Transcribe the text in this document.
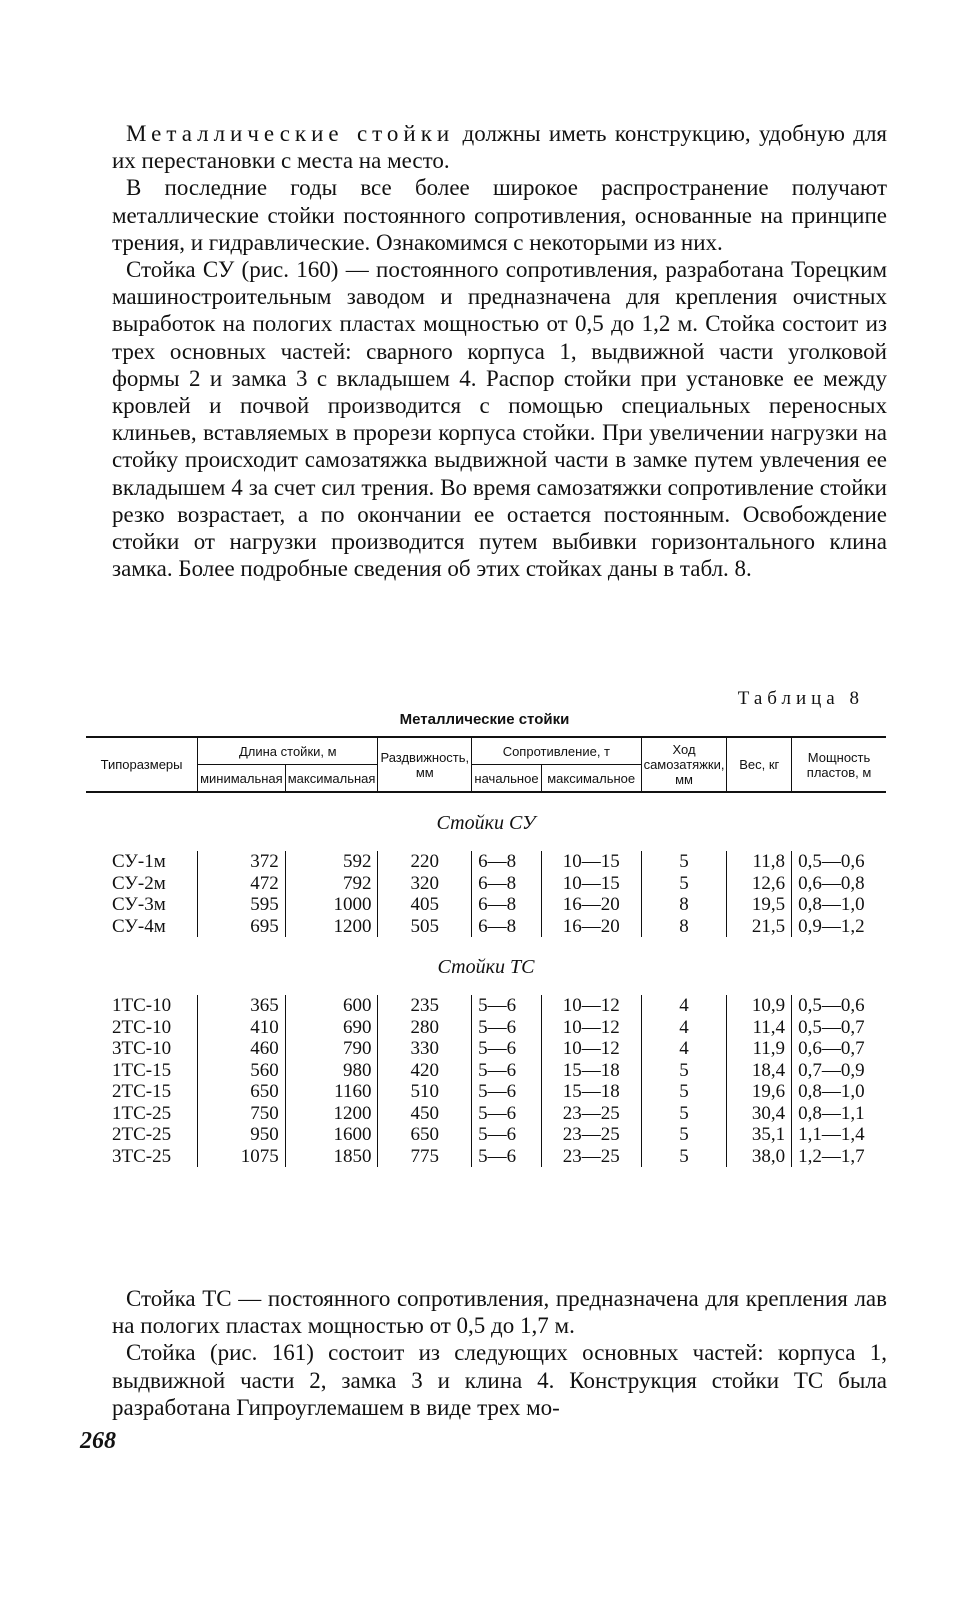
Металлические стойки должны иметь конструкцию, удобную для их перестановки с места на место.

В последние годы все более широкое распространение получают металлические стойки постоянного сопротивления, основанные на принципе трения, и гидравлические. Ознакомимся с некоторыми из них.

Стойка СУ (рис. 160) — постоянного сопротивления, разработана Торецким машиностроительным заводом и предназначена для крепления очистных выработок на пологих пластах мощностью от 0,5 до 1,2 м. Стойка состоит из трех основных частей: сварного корпуса 1, выдвижной части уголковой формы 2 и замка 3 с вкладышем 4. Распор стойки при установке ее между кровлей и почвой производится с помощью специальных переносных клиньев, вставляемых в прорези корпуса стойки. При увеличении нагрузки на стойку происходит самозатяжка выдвижной части в замке путем увлечения ее вкладышем 4 за счет сил трения. Во время самозатяжки сопротивление стойки резко возрастает, а по окончании ее остается постоянным. Освобождение стойки от нагрузки производится путем выбивки горизонтального клина замка. Более подробные сведения об этих стойках даны в табл. 8.

Таблица 8
Металлические стойки
Типоразмеры	Длина стойки, м		Раздвижность, мм	Сопротивление, т		Ход самозатяжки, мм	Вес, кг	Мощность пластов, м
	минимальная	максимальная		начальное	максимальное			
Стойки СУ								
СУ-1м	372	592	220	6—8	10—15	5	11,8	0,5—0,6
СУ-2м	472	792	320	6—8	10—15	5	12,6	0,6—0,8
СУ-3м	595	1000	405	6—8	16—20	8	19,5	0,8—1,0
СУ-4м	695	1200	505	6—8	16—20	8	21,5	0,9—1,2
Стойки ТС								
1ТС-10	365	600	235	5—6	10—12	4	10,9	0,5—0,6
2ТС-10	410	690	280	5—6	10—12	4	11,4	0,5—0,7
3ТС-10	460	790	330	5—6	10—12	4	11,9	0,6—0,7
1ТС-15	560	980	420	5—6	15—18	5	18,4	0,7—0,9
2ТС-15	650	1160	510	5—6	15—18	5	19,6	0,8—1,0
1ТС-25	750	1200	450	5—6	23—25	5	30,4	0,8—1,1
2ТС-25	950	1600	650	5—6	23—25	5	35,1	1,1—1,4
3ТС-25	1075	1850	775	5—6	23—25	5	38,0	1,2—1,7

Стойка ТС — постоянного сопротивления, предназначена для крепления лав на пологих пластах мощностью от 0,5 до 1,7 м.

Стойка (рис. 161) состоит из следующих основных частей: корпуса 1, выдвижной части 2, замка 3 и клина 4. Конструкция стойки ТС была разработана Гипроуглемашем в виде трех мо-

268
